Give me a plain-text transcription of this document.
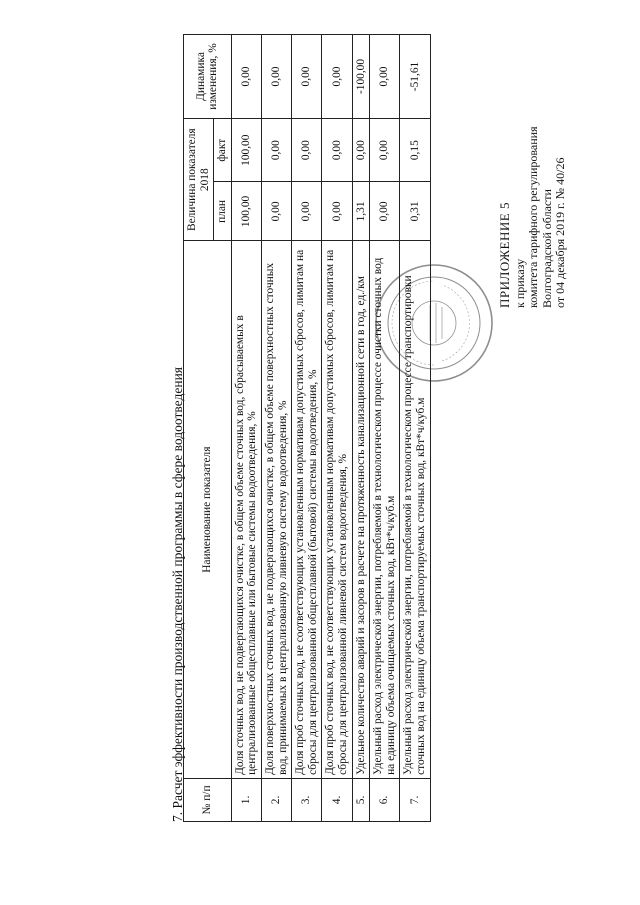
ПРИЛОЖЕНИЕ 5 к приказу комитета тарифного регулирования Волгоградской области от 04 декабря 2019 г. № 40/26
7. Расчет эффективности производственной программы в сфере водоотведения № п/п	Наименование показателя	Величина показателя 2018		Динамика изменения, %
		план	факт	
1.	Доля сточных вод, не подвергающихся очистке, в общем объеме сточных вод, сбрасываемых в централизованные общесплавные или бытовые системы водоотведения, %	100,00	100,00	0,00
2.	Доля поверхностных сточных вод, не подвергающихся очистке, в общем объеме поверхностных сточных вод, принимаемых в централизованную ливневую систему водоотведения, %	0,00	0,00	0,00
3.	Доля проб сточных вод, не соответствующих установленным нормативам допустимых сбросов, лимитам на сбросы для централизованной общесплавной (бытовой) системы водоотведения, %	0,00	0,00	0,00
4.	Доля проб сточных вод, не соответствующих установленным нормативам допустимых сбросов, лимитам на сбросы для централизованной ливневой систем водоотведения, %	0,00	0,00	0,00
5.	Удельное количество аварий и засоров в расчете на протяженность канализационной сети в год, ед./км	1,31	0,00	-100,00
6.	Удельный расход электрической энергии, потребляемой в технологическом процессе очистки сточных вод на единицу объема очищаемых сточных вод, кВт*ч/куб.м	0,00	0,00	0,00
7.	Удельный расход электрической энергии, потребляемой в технологическом процессе транспортировки сточных вод на единицу объема транспортируемых сточных вод, кВт*ч/куб.м	0,31	0,15	-51,61
